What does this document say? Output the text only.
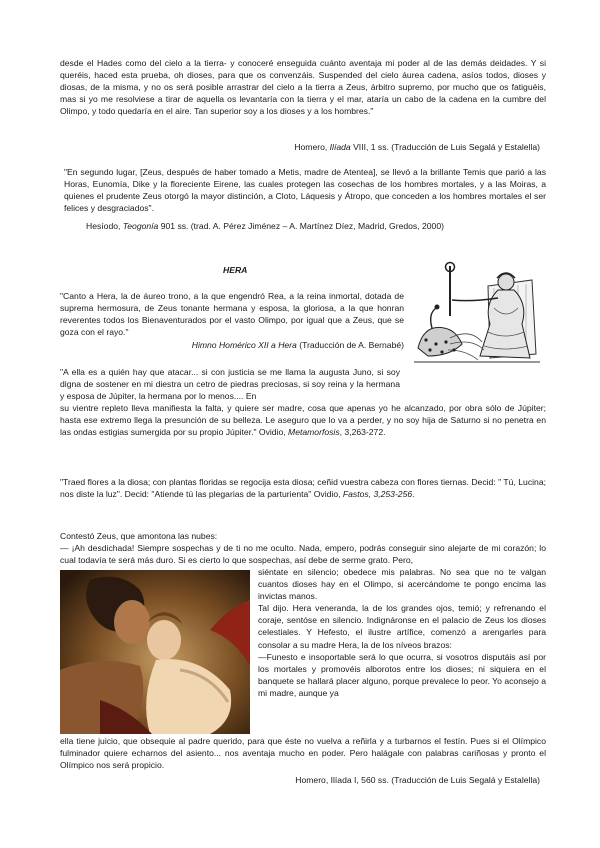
desde el Hades como del cielo a la tierra- y conoceré enseguida cuánto aventaja mi poder al de las demás deidades. Y si queréis, haced esta prueba, oh dioses, para que os convenzáis. Suspended del cielo áurea cadena, asíos todos, dioses y diosas, de la misma, y no os será posible arrastrar del cielo a la tierra a Zeus, árbitro supremo, por mucho que os fatiguéis, mas si yo me resolviese a tirar de aquella os levantaría con la tierra y el mar, ataría un cabo de la cadena en la cumbre del Olimpo, y todo quedaría en el aire. Tan superior soy a los dioses y a los hombres."

Homero, Ilíada VIII, 1 ss. (Traducción de Luis Segalá y Estalella)

"En segundo lugar, [Zeus, después de haber tomado a Metis, madre de Atentea], se llevó a la brillante Temis que parió a las Horas, Eunomía, Dike y la floreciente Eirene, las cuales protegen las cosechas de los hombres mortales, y a las Moiras, a quienes el prudente Zeus otorgó la mayor distinción, a Cloto, Láquesis y Átropo, que conceden a los hombres mortales el ser felices y desgraciados".

Hesíodo, Teogonía 901 ss. (trad. A. Pérez Jiménez – A. Martínez Díez, Madrid, Gredos, 2000)

HERA

"Canto a Hera, la de áureo trono, a la que engendró Rea, a la reina inmortal, dotada de suprema hermosura, de Zeus tonante hermana y esposa, la gloriosa, a la que honran reverentes todos los Bienaventurados por el vasto Olimpo, por igual que a Zeus, que se goza con el rayo."

Himno Homérico XII a Hera (Traducción de A. Bernabé)

"A ella es a quién hay que atacar... si con justicia se me llama la augusta Juno, si soy digna de sostener en mi diestra un cetro de piedras preciosas, si soy reina y la hermana y esposa de Júpiter, la hermana por lo menos.... En

su vientre repleto lleva manifiesta la falta, y quiere ser madre, cosa que apenas yo he alcanzado, por obra sólo de Júpiter; hasta ese extremo llega la presunción de su belleza. Le aseguro que lo va a perder, y no soy hija de Saturno si no penetra en las ondas estigias sumergida por su propio Júpiter." Ovidio, Metamorfosis, 3,263-272.

"Traed flores a la diosa; con plantas floridas se regocija esta diosa; ceñid vuestra cabeza con flores tiernas. Decid: " Tú, Lucina; nos diste la luz". Decid: "Atiende tú las plegarias de la parturienta" Ovidio, Fastos, 3,253-256.

Contestó Zeus, que amontona las nubes:

— ¡Ah desdichada! Siempre sospechas y de ti no me oculto. Nada, empero, podrás conseguir sino alejarte de mi corazón; lo cual todavía te será más duro. Si es cierto lo que sospechas, así debe de serme grato. Pero,

siéntate en silencio; obedece mis palabras. No sea que no te valgan cuantos dioses hay en el Olimpo, si acercándome te pongo encima las invictas manos.
Tal dijo. Hera veneranda, la de los grandes ojos, temió; y refrenando el coraje, sentóse en silencio. Indignáronse en el palacio de Zeus los dioses celestiales. Y Hefesto, el ilustre artífice, comenzó a arengarles para consolar a su madre Hera, la de los níveos brazos:
—Funesto e insoportable será lo que ocurra, si vosotros disputáis así por los mortales y promovéis alborotos entre los dioses; ni siquiera en el banquete se hallará placer alguno, porque prevalece lo peor. Yo aconsejo a mi madre, aunque ya

ella tiene juicio, que obsequie al padre querido, para que éste no vuelva a reñirla y a turbarnos el festín. Pues si el Olímpico fulminador quiere echarnos del asiento... nos aventaja mucho en poder. Pero halágale con palabras cariñosas y pronto el Olímpico nos será propicio.

Homero, Ilíada I, 560 ss. (Traducción de Luis Segalá y Estalella)
